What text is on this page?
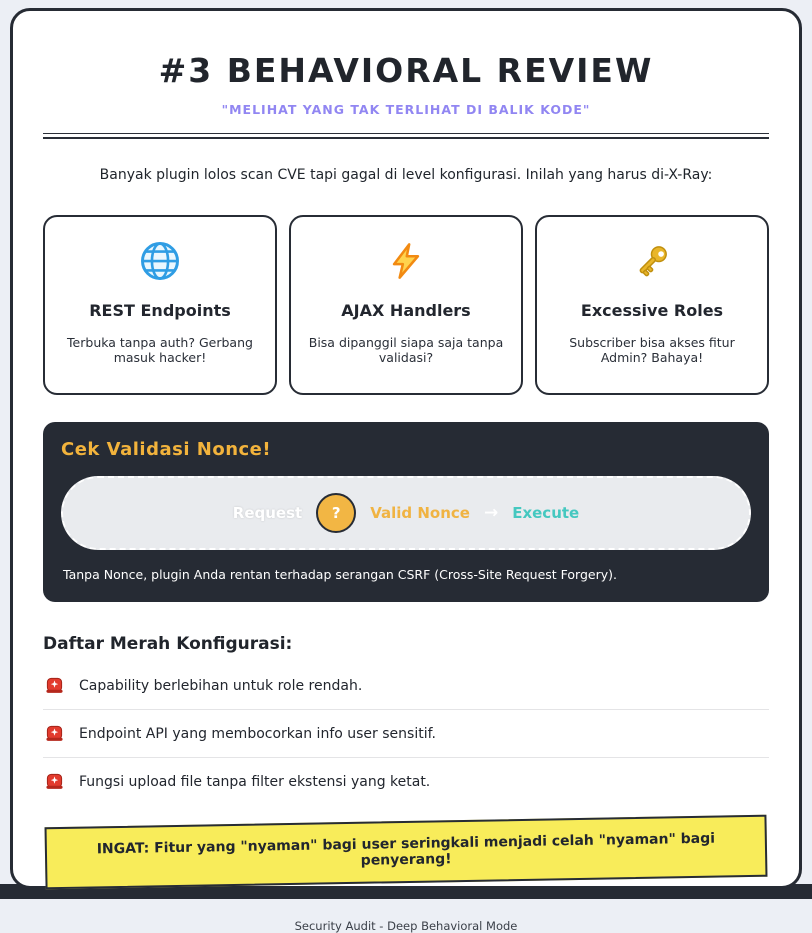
#3 BEHAVIORAL REVIEW
"MELIHAT YANG TAK TERLIHAT DI BALIK KODE"

Banyak plugin lolos scan CVE tapi gagal di level konfigurasi. Inilah yang harus di-X-Ray:

REST Endpoints
Terbuka tanpa auth? Gerbang masuk hacker!
AJAX Handlers
Bisa dipanggil siapa saja tanpa validasi?
Excessive Roles
Subscriber bisa akses fitur Admin? Bahaya!
Cek Validasi Nonce!
Request	?	Valid Nonce → Execute

Tanpa Nonce, plugin Anda rentan terhadap serangan CSRF (Cross-Site Request Forgery).

Daftar Merah Konfigurasi:
Capability berlebihan untuk role rendah.
Endpoint API yang membocorkan info user sensitif.
Fungsi upload file tanpa filter ekstensi yang ketat.
INGAT: Fitur yang "nyaman" bagi user seringkali menjadi celah "nyaman" bagi penyerang!
Security Audit - Deep Behavioral Mode
